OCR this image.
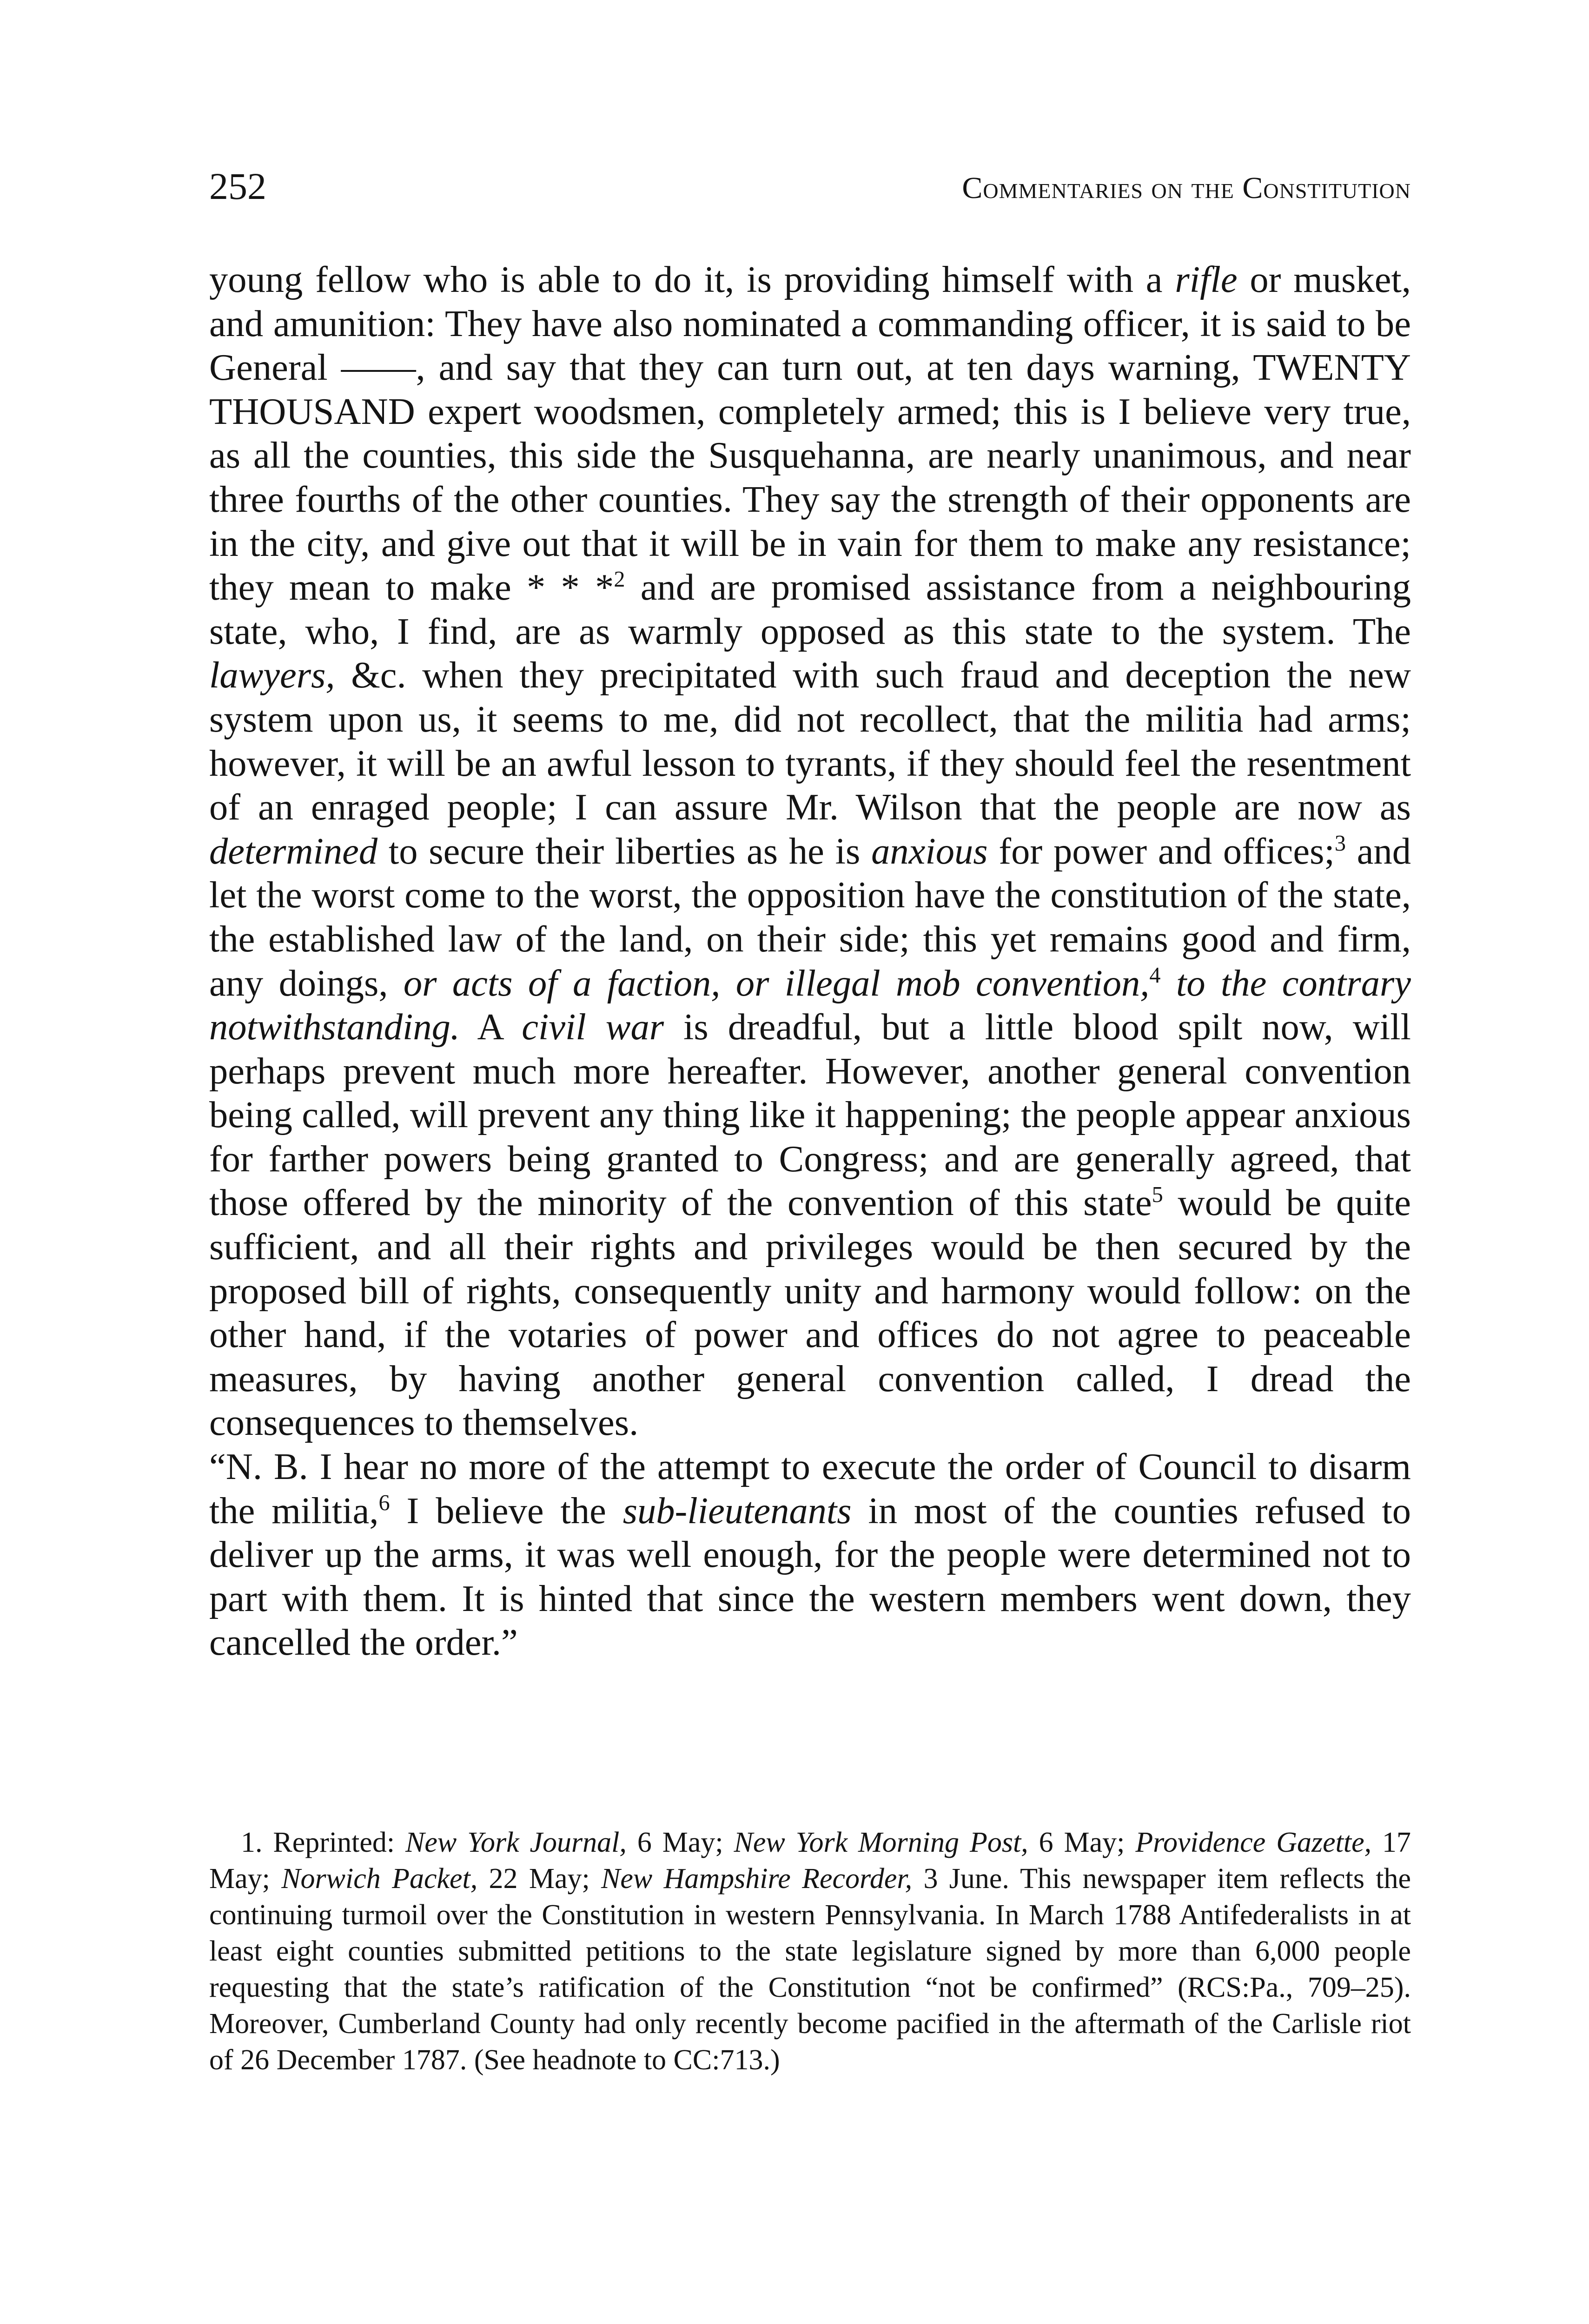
252	Commentaries on the Constitution

young fellow who is able to do it, is providing himself with a rifle or musket, and amunition: They have also nominated a commanding officer, it is said to be General ——, and say that they can turn out, at ten days warning, TWENTY THOUSAND expert woodsmen, completely armed; this is I believe very true, as all the counties, this side the Susquehanna, are nearly unanimous, and near three fourths of the other counties. They say the strength of their opponents are in the city, and give out that it will be in vain for them to make any resistance; they mean to make * * *$^2$ and are promised assistance from a neighbouring state, who, I find, are as warmly opposed as this state to the system. The lawyers, &c. when they precipitated with such fraud and deception the new system upon us, it seems to me, did not recollect, that the militia had arms; however, it will be an awful lesson to tyrants, if they should feel the resentment of an enraged people; I can assure Mr. Wilson that the people are now as determined to secure their liberties as he is anxious for power and offices;$^3$ and let the worst come to the worst, the opposition have the constitution of the state, the established law of the land, on their side; this yet remains good and firm, any doings, or acts of a faction, or illegal mob convention,$^4$ to the contrary notwithstanding. A civil war is dreadful, but a little blood spilt now, will perhaps prevent much more hereafter. However, another general convention being called, will prevent any thing like it happening; the people appear anxious for farther powers being granted to Congress; and are generally agreed, that those offered by the minority of the convention of this state$^5$ would be quite sufficient, and all their rights and privileges would be then secured by the proposed bill of rights, consequently unity and harmony would follow: on the other hand, if the votaries of power and offices do not agree to peaceable measures, by having another general convention called, I dread the consequences to themselves.

“N. B. I hear no more of the attempt to execute the order of Council to disarm the militia,$^6$ I believe the sub-lieutenants in most of the counties refused to deliver up the arms, it was well enough, for the people were determined not to part with them. It is hinted that since the western members went down, they cancelled the order.”

1. Reprinted: New York Journal, 6 May; New York Morning Post, 6 May; Providence Gazette, 17 May; Norwich Packet, 22 May; New Hampshire Recorder, 3 June. This newspaper item reflects the continuing turmoil over the Constitution in western Pennsylvania. In March 1788 Antifederalists in at least eight counties submitted petitions to the state legislature signed by more than 6,000 people requesting that the state’s ratification of the Constitution “not be confirmed” (RCS:Pa., 709–25). Moreover, Cumberland County had only recently become pacified in the aftermath of the Carlisle riot of 26 December 1787. (See headnote to CC:713.)
